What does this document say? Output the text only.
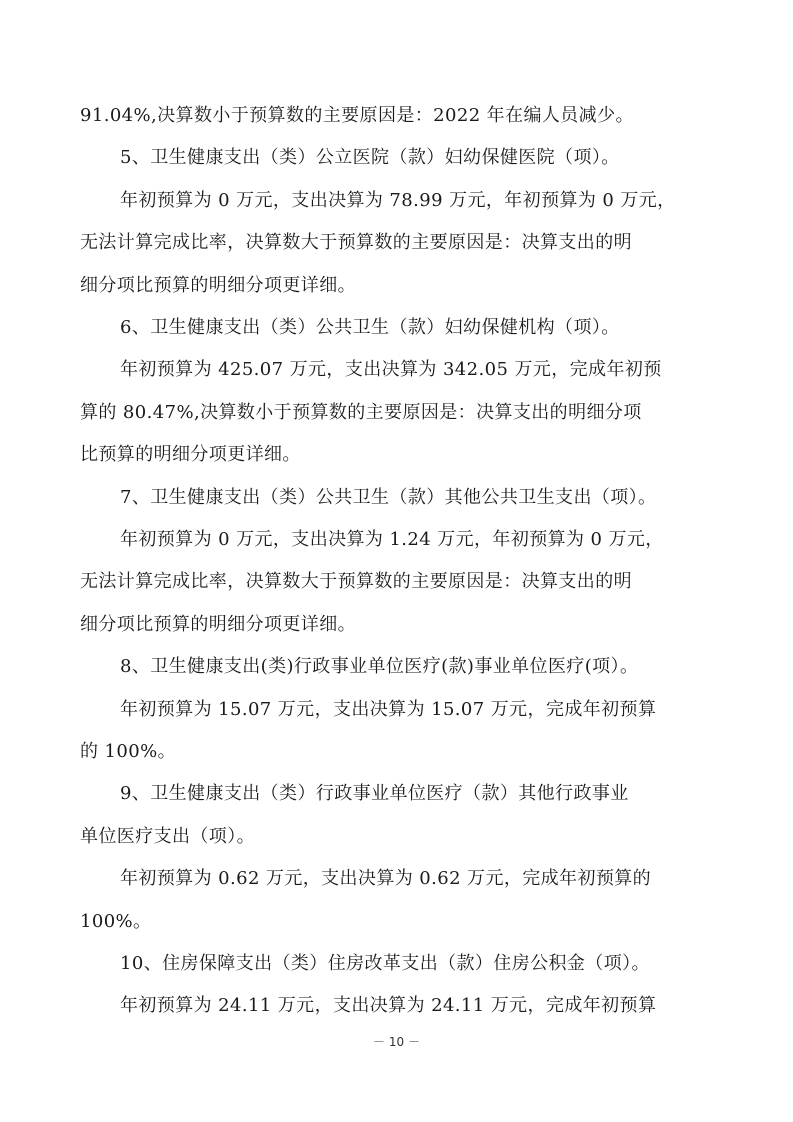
91.04%,决算数小于预算数的主要原因是：2022 年在编人员减少。
5、卫生健康支出（类）公立医院（款）妇幼保健医院（项）。
年初预算为 0 万元，支出决算为 78.99 万元，年初预算为 0 万元，
无法计算完成比率，决算数大于预算数的主要原因是：决算支出的明
细分项比预算的明细分项更详细。
6、卫生健康支出（类）公共卫生（款）妇幼保健机构（项）。
年初预算为 425.07 万元，支出决算为 342.05 万元，完成年初预
算的 80.47%,决算数小于预算数的主要原因是：决算支出的明细分项
比预算的明细分项更详细。
7、卫生健康支出（类）公共卫生（款）其他公共卫生支出（项）。
年初预算为 0 万元，支出决算为 1.24 万元，年初预算为 0 万元，
无法计算完成比率，决算数大于预算数的主要原因是：决算支出的明
细分项比预算的明细分项更详细。
8、卫生健康支出(类)行政事业单位医疗(款)事业单位医疗(项）。
年初预算为 15.07 万元，支出决算为 15.07 万元，完成年初预算
的 100%。
9、卫生健康支出（类）行政事业单位医疗（款）其他行政事业
单位医疗支出（项）。
年初预算为 0.62 万元，支出决算为 0.62 万元，完成年初预算的
100%。
10、住房保障支出（类）住房改革支出（款）住房公积金（项）。
年初预算为 24.11 万元，支出决算为 24.11 万元，完成年初预算
－ 10 －
